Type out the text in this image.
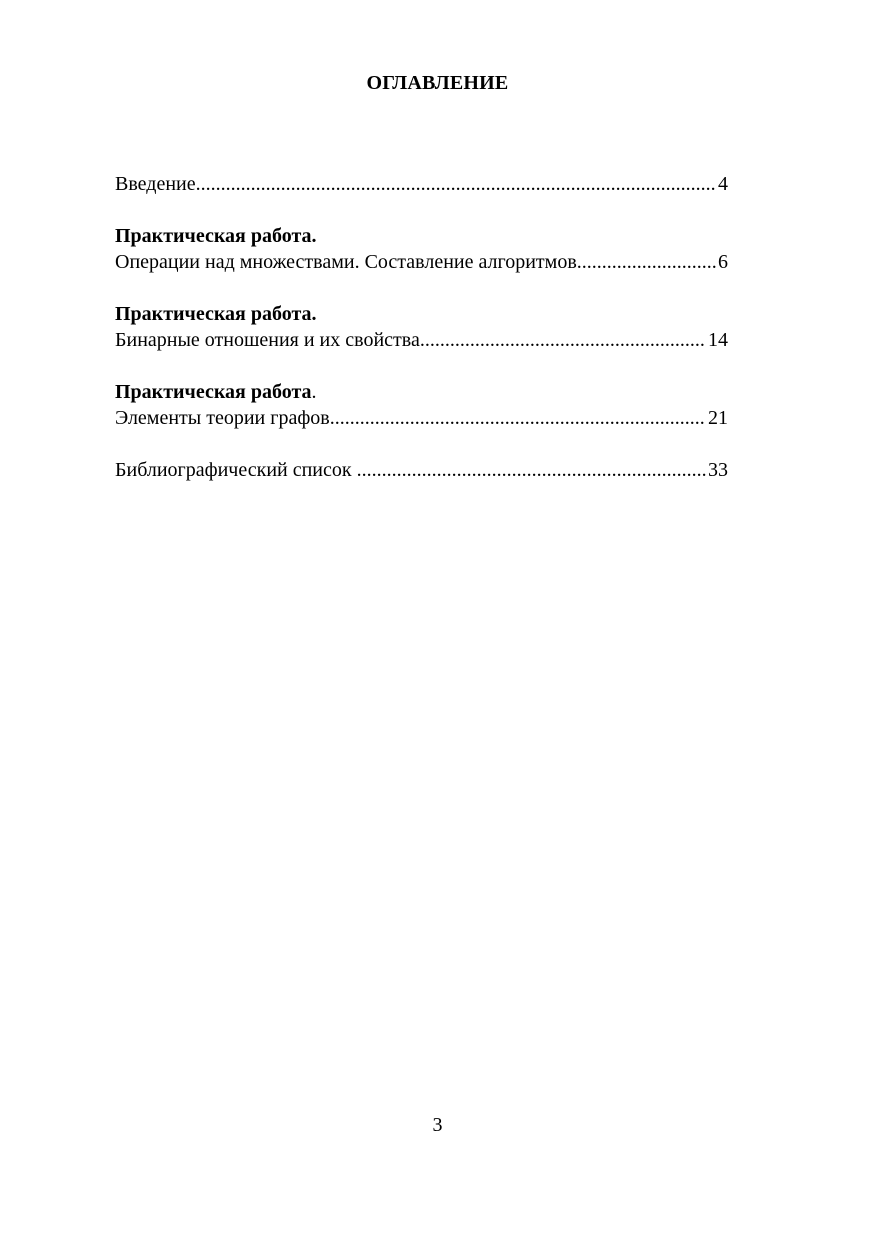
ОГЛАВЛЕНИЕ
Введение .....	4
Практическая работа.
Операции над множествами. Составление алгоритмов .....	6
Практическая работа.
Бинарные отношения и их свойства .....	14
Практическая работа.
Элементы теории графов .....	21
Библиографический список .....	33
3
